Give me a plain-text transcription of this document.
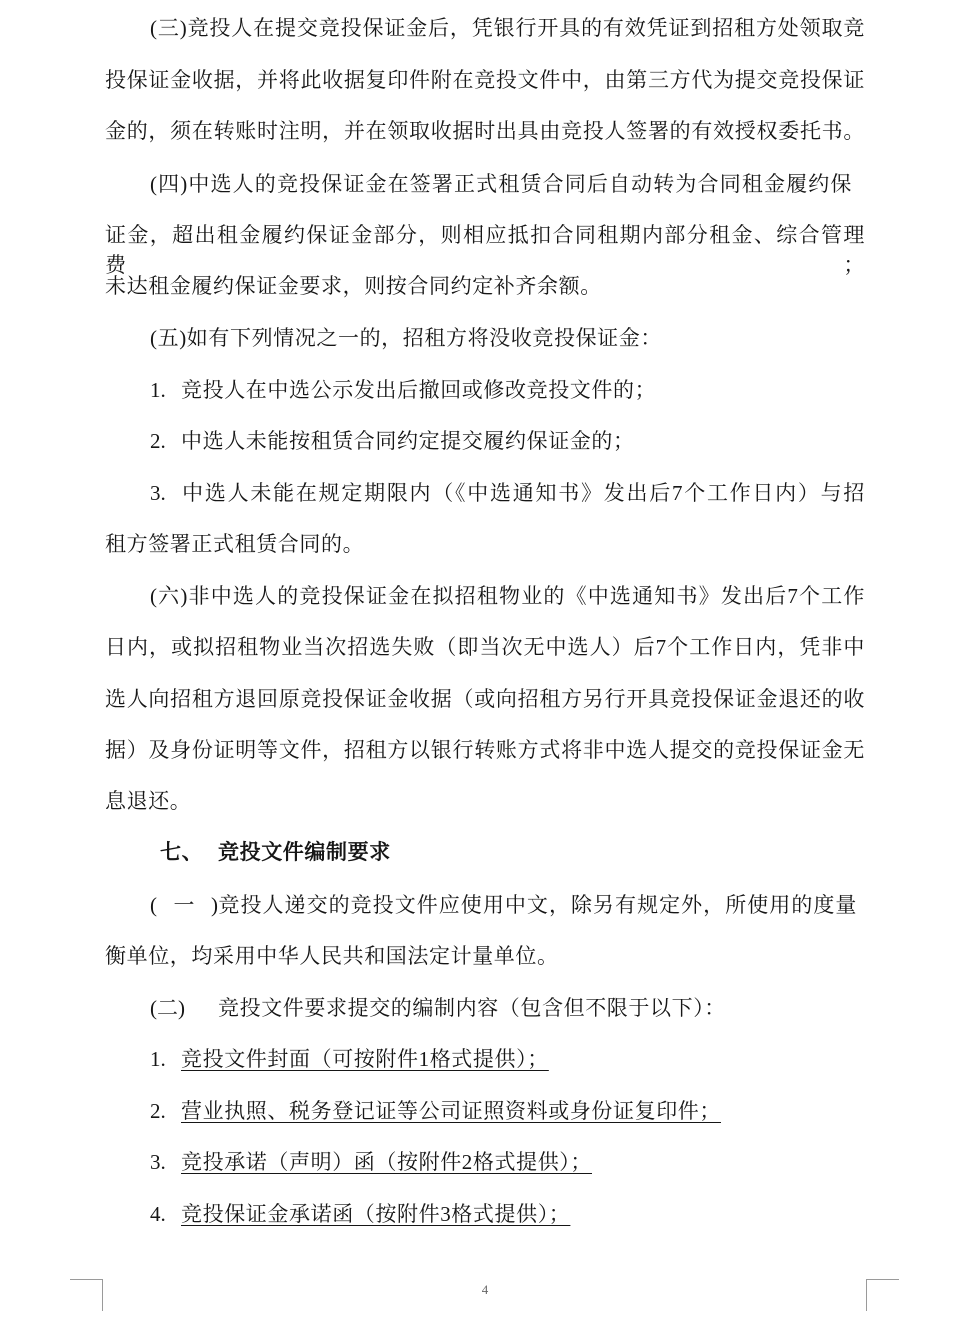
(三)竞投人在提交竞投保证金后，凭银行开具的有效凭证到招租方处领取竞
投保证金收据，并将此收据复印件附在竞投文件中，由第三方代为提交竞投保证
金的，须在转账时注明，并在领取收据时出具由竞投人签署的有效授权委托书。
(四)中选人的竞投保证金在签署正式租赁合同后自动转为合同租金履约保
证金，超出租金履约保证金部分，则相应抵扣合同租期内部分租金、综合管理费；
未达租金履约保证金要求，则按合同约定补齐余额。
(五)如有下列情况之一的，招租方将没收竞投保证金：
1. 竞投人在中选公示发出后撤回或修改竞投文件的；
2. 中选人未能按租赁合同约定提交履约保证金的；
3. 中选人未能在规定期限内（《中选通知书》发出后7个工作日内）与招
租方签署正式租赁合同的。
(六)非中选人的竞投保证金在拟招租物业的《中选通知书》发出后7个工作
日内，或拟招租物业当次招选失败（即当次无中选人）后7个工作日内，凭非中
选人向招租方退回原竞投保证金收据（或向招租方另行开具竞投保证金退还的收
据）及身份证明等文件，招租方以银行转账方式将非中选人提交的竞投保证金无
息退还。
七、 竞投文件编制要求
(一)竞投人递交的竞投文件应使用中文，除另有规定外，所使用的度量
衡单位，均采用中华人民共和国法定计量单位。
(二) 竞投文件要求提交的编制内容（包含但不限于以下）：
1. 竞投文件封面（可按附件1格式提供）；
2. 营业执照、税务登记证等公司证照资料或身份证复印件；
3. 竞投承诺（声明）函（按附件2格式提供）；
4. 竞投保证金承诺函（按附件3格式提供）；
4
